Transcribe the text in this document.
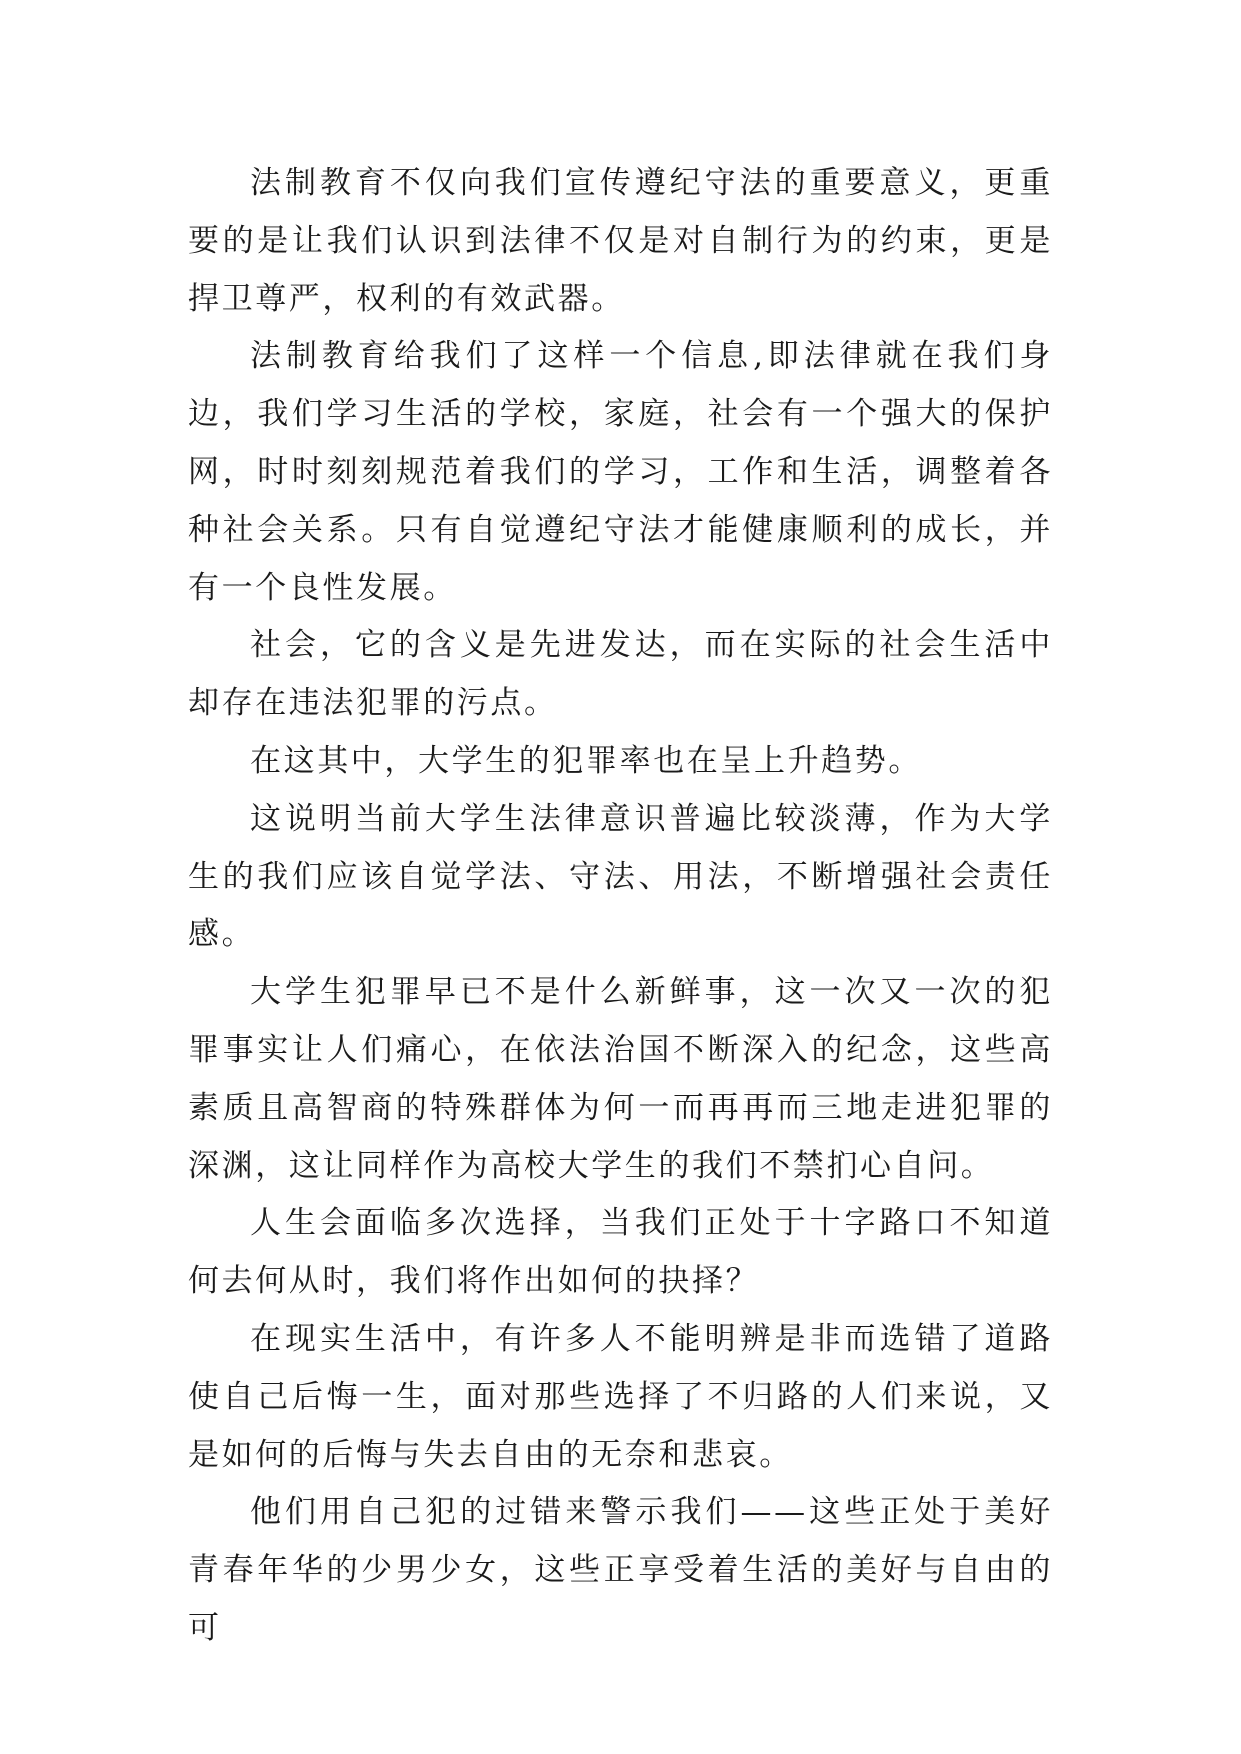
法制教育不仅向我们宣传遵纪守法的重要意义，更重要的是让我们认识到法律不仅是对自制行为的约束，更是捍卫尊严，权利的有效武器。

法制教育给我们了这样一个信息,即法律就在我们身边，我们学习生活的学校，家庭，社会有一个强大的保护网，时时刻刻规范着我们的学习，工作和生活，调整着各种社会关系。只有自觉遵纪守法才能健康顺利的成长，并有一个良性发展。

社会，它的含义是先进发达，而在实际的社会生活中却存在违法犯罪的污点。

在这其中，大学生的犯罪率也在呈上升趋势。

这说明当前大学生法律意识普遍比较淡薄，作为大学生的我们应该自觉学法、守法、用法，不断增强社会责任感。

大学生犯罪早已不是什么新鲜事，这一次又一次的犯罪事实让人们痛心，在依法治国不断深入的纪念，这些高素质且高智商的特殊群体为何一而再再而三地走进犯罪的深渊，这让同样作为高校大学生的我们不禁扪心自问。

人生会面临多次选择，当我们正处于十字路口不知道何去何从时，我们将作出如何的抉择？

在现实生活中，有许多人不能明辨是非而选错了道路使自己后悔一生，面对那些选择了不归路的人们来说，又是如何的后悔与失去自由的无奈和悲哀。

他们用自己犯的过错来警示我们——这些正处于美好青春年华的少男少女，这些正享受着生活的美好与自由的可
